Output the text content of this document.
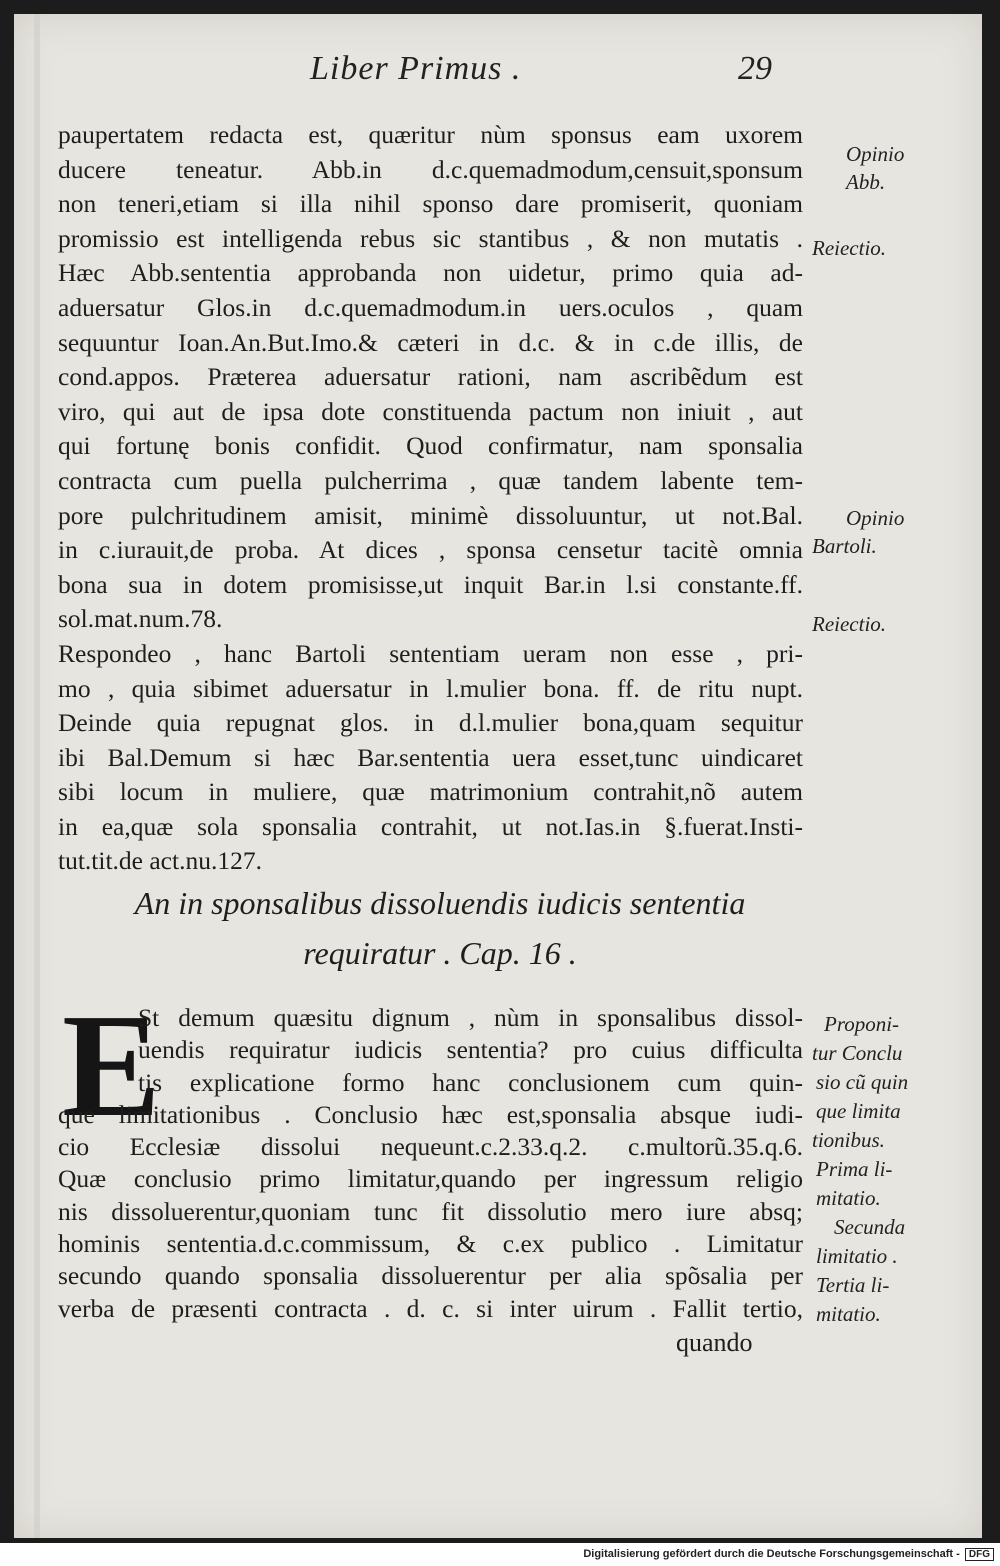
Liber Primus .	29
paupertatem redacta est, quæritur nùm sponsus eam uxorem
ducere teneatur. Abb.in d.c.quemadmodum,censuit,sponsum
non teneri,etiam si illa nihil sponso dare promiserit, quoniam
promissio est intelligenda rebus sic stantibus , & non mutatis .
Hæc Abb.sententia approbanda non uidetur, primo quia ad-
aduersatur Glos.in d.c.quemadmodum.in uers.oculos , quam
sequuntur Ioan.An.But.Imo.& cæteri in d.c. & in c.de illis, de
cond.appos. Præterea aduersatur rationi, nam ascribẽdum est
viro, qui aut de ipsa dote constituenda pactum non iniuit , aut
qui fortunę bonis confidit. Quod confirmatur, nam sponsalia
contracta cum puella pulcherrima , quæ tandem labente tem-
pore pulchritudinem amisit, minimè dissoluuntur, ut not.Bal.
in c.iurauit,de proba. At dices , sponsa censetur tacitè omnia
bona sua in dotem promisisse,ut inquit Bar.in l.si constante.ff.
sol.mat.num.78.
Respondeo , hanc Bartoli sententiam ueram non esse , pri-
mo , quia sibimet aduersatur in l.mulier bona. ff. de ritu nupt.
Deinde quia repugnat glos. in d.l.mulier bona,quam sequitur
ibi Bal.Demum si hæc Bar.sententia uera esset,tunc uindicaret
sibi locum in muliere, quæ matrimonium contrahit,nõ autem
in ea,quæ sola sponsalia contrahit, ut not.Ias.in §.fuerat.Insti-
tut.tit.de act.nu.127.
Opinio
Abb.
Reiectio.
Opinio
Bartoli.
Reiectio.
An in sponsalibus dissoluendis iudicis sententia
requiratur . Cap. 16 .
E
St demum quæsitu dignum , nùm in sponsalibus dissol-
uendis requiratur iudicis sententia? pro cuius difficulta
tis explicatione formo hanc conclusionem cum quin-
que limitationibus . Conclusio hæc est,sponsalia absque iudi-
cio Ecclesiæ dissolui nequeunt.c.2.33.q.2. c.multorũ.35.q.6.
Quæ conclusio primo limitatur,quando per ingressum religio
nis dissoluerentur,quoniam tunc fit dissolutio mero iure absq;
hominis sententia.d.c.commissum, & c.ex publico . Limitatur
secundo quando sponsalia dissoluerentur per alia spõsalia per
verba de præsenti contracta . d. c. si inter uirum . Fallit tertio,
Proponi-
tur Conclu
sio cũ quin
que limita
tionibus.
Prima li-
mitatio.
Secunda
limitatio .
Tertia li-
mitatio.
quando
Digitalisierung gefördert durch die Deutsche Forschungsgemeinschaft - DFG
